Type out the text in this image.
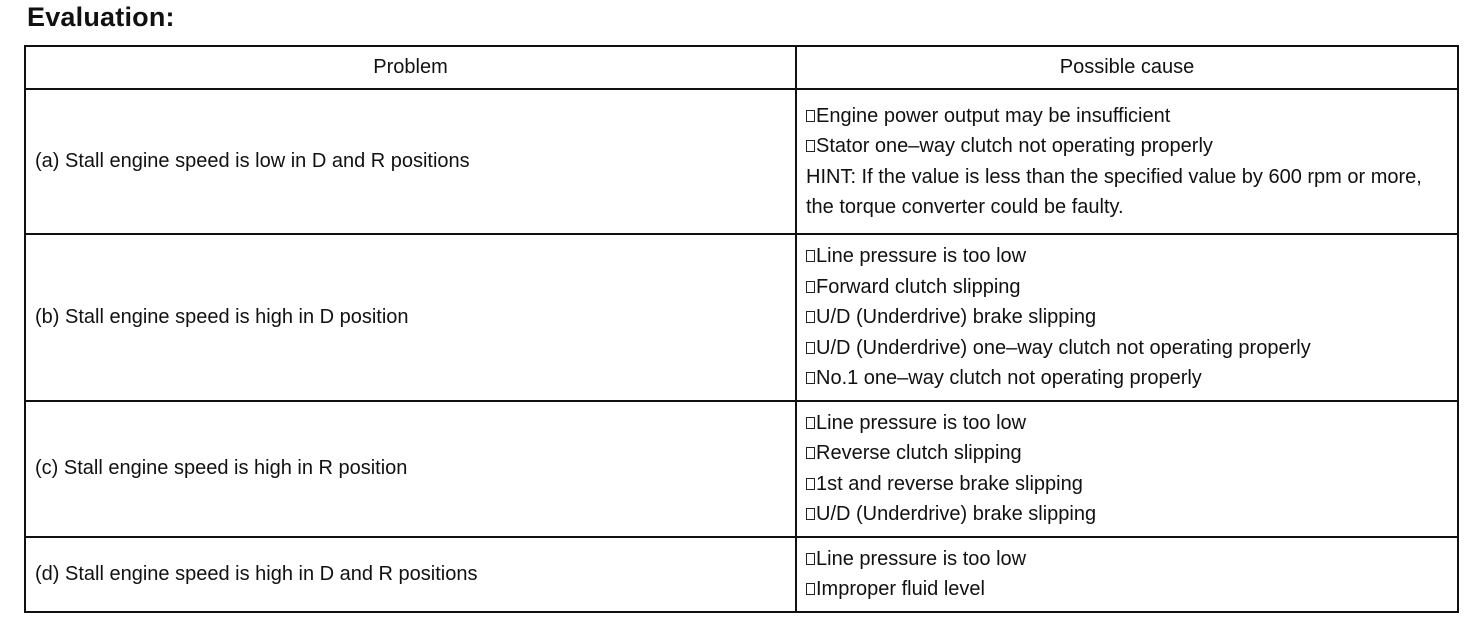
Evaluation:
Problem	Possible cause
(a) Stall engine speed is low in D and R positions	Engine power output may be insufficient
Stator one–way clutch not operating properly
HINT: If the value is less than the specified value by 600 rpm or more, the torque converter could be faulty.

(b) Stall engine speed is high in D position	Line pressure is too low
Forward clutch slipping
U/D (Underdrive) brake slipping
U/D (Underdrive) one–way clutch not operating properly
No.1 one–way clutch not operating properly

(c) Stall engine speed is high in R position	Line pressure is too low
Reverse clutch slipping
1st and reverse brake slipping
U/D (Underdrive) brake slipping

(d) Stall engine speed is high in D and R positions	Line pressure is too low
Improper fluid level
